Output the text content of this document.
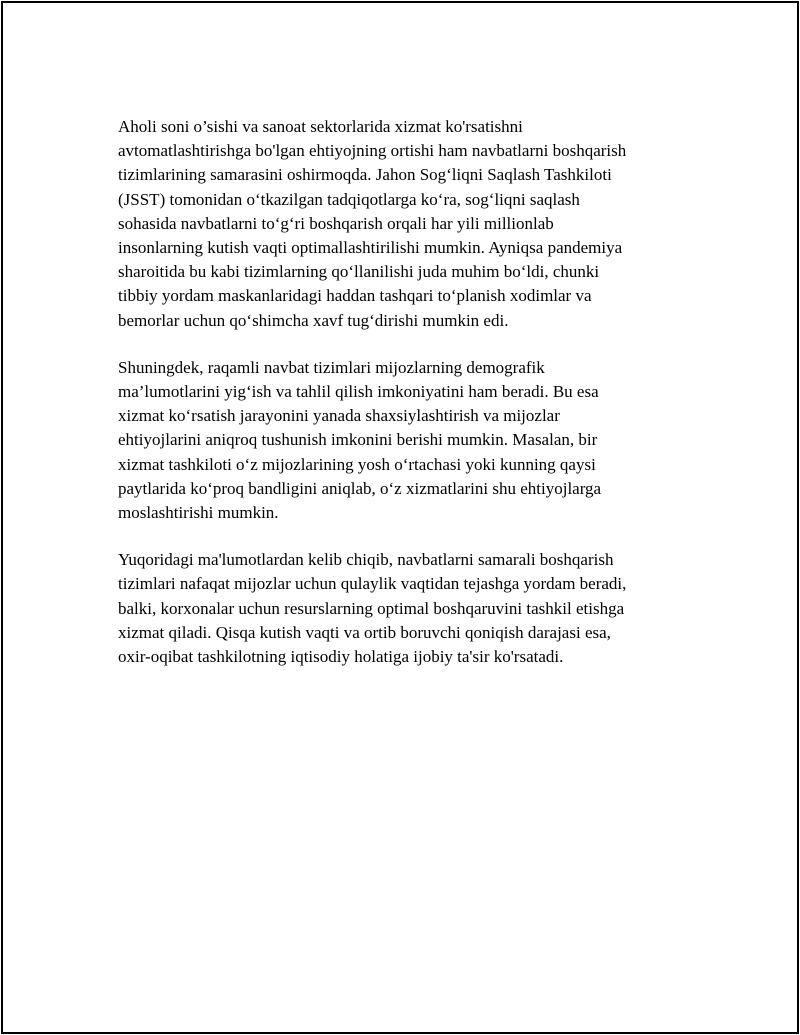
Aholi soni o’sishi va sanoat sektorlarida xizmat ko'rsatishni
avtomatlashtirishga bo'lgan ehtiyojning ortishi ham navbatlarni boshqarish
tizimlarining samarasini oshirmoqda. Jahon Sog‘liqni Saqlash Tashkiloti
(JSST) tomonidan o‘tkazilgan tadqiqotlarga ko‘ra, sog‘liqni saqlash
sohasida navbatlarni to‘g‘ri boshqarish orqali har yili millionlab
insonlarning kutish vaqti optimallashtirilishi mumkin. Ayniqsa pandemiya
sharoitida bu kabi tizimlarning qo‘llanilishi juda muhim bo‘ldi, chunki
tibbiy yordam maskanlaridagi haddan tashqari to‘planish xodimlar va
bemorlar uchun qo‘shimcha xavf tug‘dirishi mumkin edi.

Shuningdek, raqamli navbat tizimlari mijozlarning demografik
ma’lumotlarini yig‘ish va tahlil qilish imkoniyatini ham beradi. Bu esa
xizmat ko‘rsatish jarayonini yanada shaxsiylashtirish va mijozlar
ehtiyojlarini aniqroq tushunish imkonini berishi mumkin. Masalan, bir
xizmat tashkiloti o‘z mijozlarining yosh o‘rtachasi yoki kunning qaysi
paytlarida ko‘proq bandligini aniqlab, o‘z xizmatlarini shu ehtiyojlarga
moslashtirishi mumkin.

Yuqoridagi ma'lumotlardan kelib chiqib, navbatlarni samarali boshqarish
tizimlari nafaqat mijozlar uchun qulaylik vaqtidan tejashga yordam beradi,
balki, korxonalar uchun resurslarning optimal boshqaruvini tashkil etishga
xizmat qiladi. Qisqa kutish vaqti va ortib boruvchi qoniqish darajasi esa,
oxir-oqibat tashkilotning iqtisodiy holatiga ijobiy ta'sir ko'rsatadi.
